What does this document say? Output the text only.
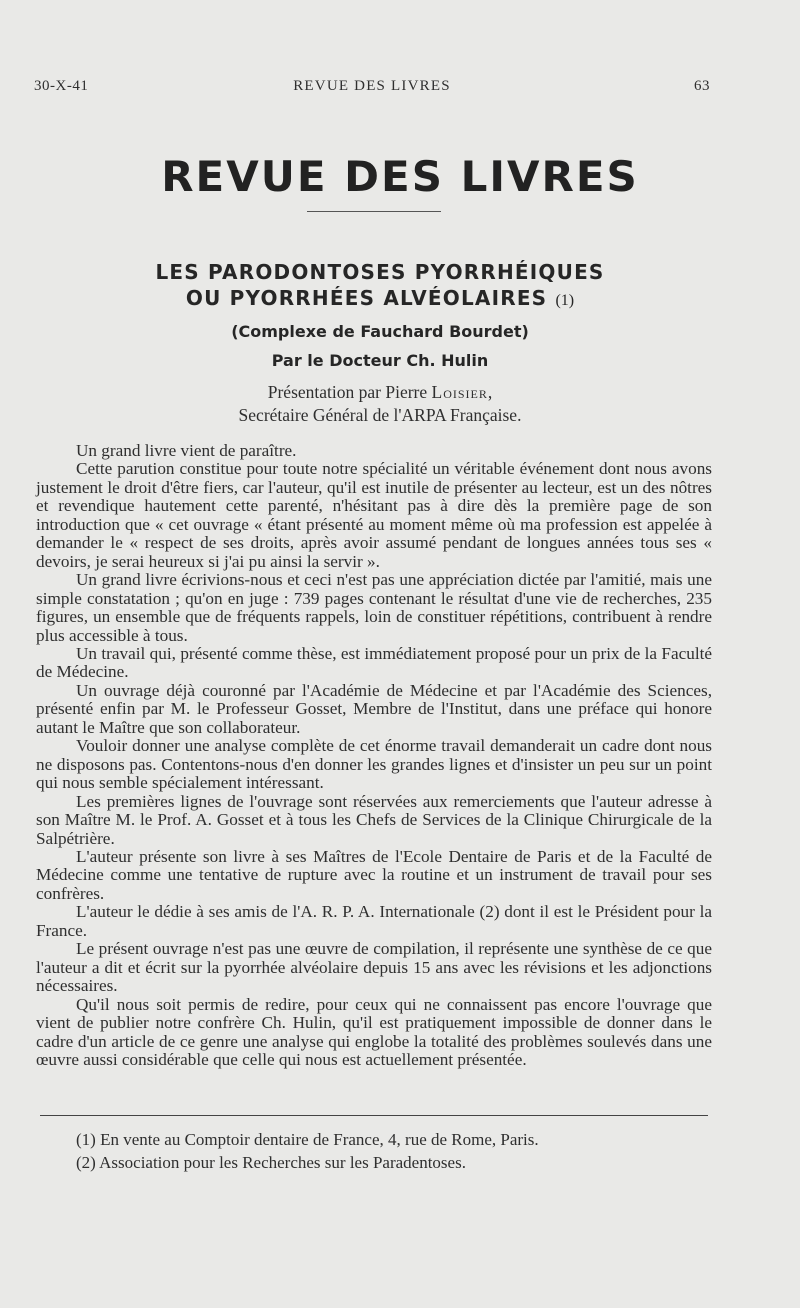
30-X-41	REVUE DES LIVRES	63
REVUE DES LIVRES
LES PARODONTOSES PYORRHÉIQUES
OU PYORRHÉES ALVÉOLAIRES (1)
(Complexe de Fauchard Bourdet)
Par le Docteur Ch. Hulin
Présentation par Pierre Loisier,
Secrétaire Général de l'ARPA Française.

Un grand livre vient de paraître.

Cette parution constitue pour toute notre spécialité un véritable événement dont nous avons justement le droit d'être fiers, car l'auteur, qu'il est inutile de présenter au lecteur, est un des nôtres et revendique hautement cette parenté, n'hésitant pas à dire dès la première page de son introduction que « cet ouvrage « étant présenté au moment même où ma profession est appelée à demander le « respect de ses droits, après avoir assumé pendant de longues années tous ses « devoirs, je serai heureux si j'ai pu ainsi la servir ».

Un grand livre écrivions-nous et ceci n'est pas une appréciation dictée par l'amitié, mais une simple constatation ; qu'on en juge : 739 pages contenant le résultat d'une vie de recherches, 235 figures, un ensemble que de fréquents rappels, loin de constituer répétitions, contribuent à rendre plus accessible à tous.

Un travail qui, présenté comme thèse, est immédiatement proposé pour un prix de la Faculté de Médecine.

Un ouvrage déjà couronné par l'Académie de Médecine et par l'Académie des Sciences, présenté enfin par M. le Professeur Gosset, Membre de l'Institut, dans une préface qui honore autant le Maître que son collaborateur.

Vouloir donner une analyse complète de cet énorme travail demanderait un cadre dont nous ne disposons pas. Contentons-nous d'en donner les grandes lignes et d'insister un peu sur un point qui nous semble spécialement intéressant.

Les premières lignes de l'ouvrage sont réservées aux remerciements que l'auteur adresse à son Maître M. le Prof. A. Gosset et à tous les Chefs de Services de la Clinique Chirurgicale de la Salpétrière.

L'auteur présente son livre à ses Maîtres de l'Ecole Dentaire de Paris et de la Faculté de Médecine comme une tentative de rupture avec la routine et un instrument de travail pour ses confrères.

L'auteur le dédie à ses amis de l'A. R. P. A. Internationale (2) dont il est le Président pour la France.

Le présent ouvrage n'est pas une œuvre de compilation, il représente une synthèse de ce que l'auteur a dit et écrit sur la pyorrhée alvéolaire depuis 15 ans avec les révisions et les adjonctions nécessaires.

Qu'il nous soit permis de redire, pour ceux qui ne connaissent pas encore l'ouvrage que vient de publier notre confrère Ch. Hulin, qu'il est pratiquement impossible de donner dans le cadre d'un article de ce genre une analyse qui englobe la totalité des problèmes soulevés dans une œuvre aussi considérable que celle qui nous est actuellement présentée.

(1) En vente au Comptoir dentaire de France, 4, rue de Rome, Paris.

(2) Association pour les Recherches sur les Paradentoses.
